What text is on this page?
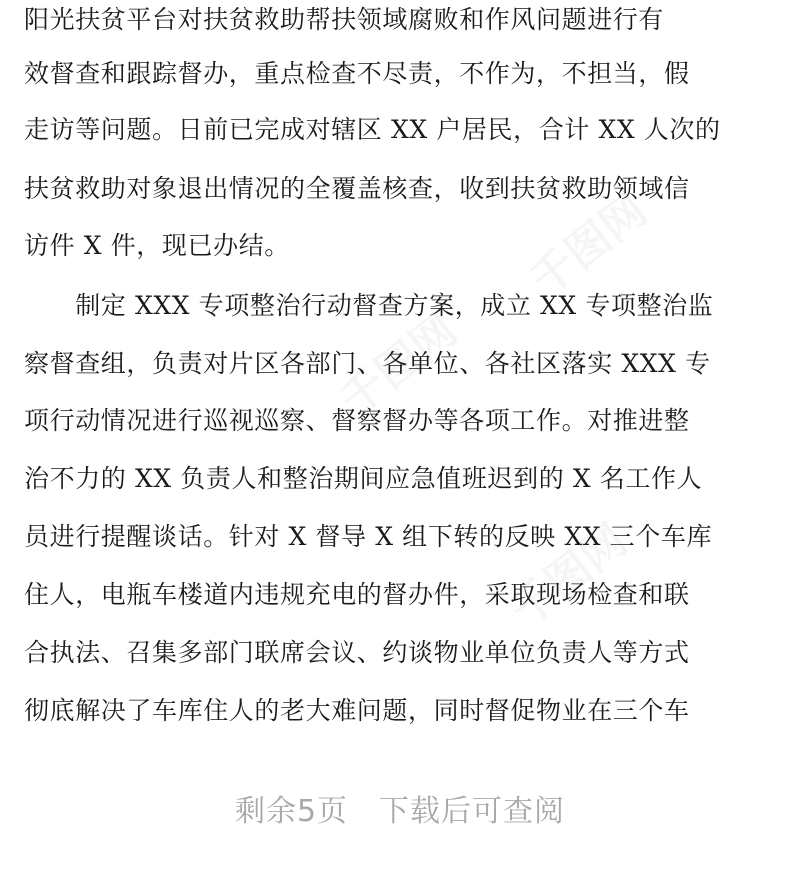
千图网
千图网
千图网
阳光扶贫平台对扶贫救助帮扶领域腐败和作风问题进行有
效督查和跟踪督办，重点检查不尽责，不作为，不担当，假
走访等问题。日前已完成对辖区 XX 户居民，合计 XX 人次的
扶贫救助对象退出情况的全覆盖核查，收到扶贫救助领域信
访件 X 件，现已办结。
　　制定 XXX 专项整治行动督查方案，成立 XX 专项整治监
察督查组，负责对片区各部门、各单位、各社区落实 XXX 专
项行动情况进行巡视巡察、督察督办等各项工作。对推进整
治不力的 XX 负责人和整治期间应急值班迟到的 X 名工作人
员进行提醒谈话。针对 X 督导 X 组下转的反映 XX 三个车库
住人，电瓶车楼道内违规充电的督办件，采取现场检查和联
合执法、召集多部门联席会议、约谈物业单位负责人等方式
彻底解决了车库住人的老大难问题，同时督促物业在三个车
剩余5页　下载后可查阅
